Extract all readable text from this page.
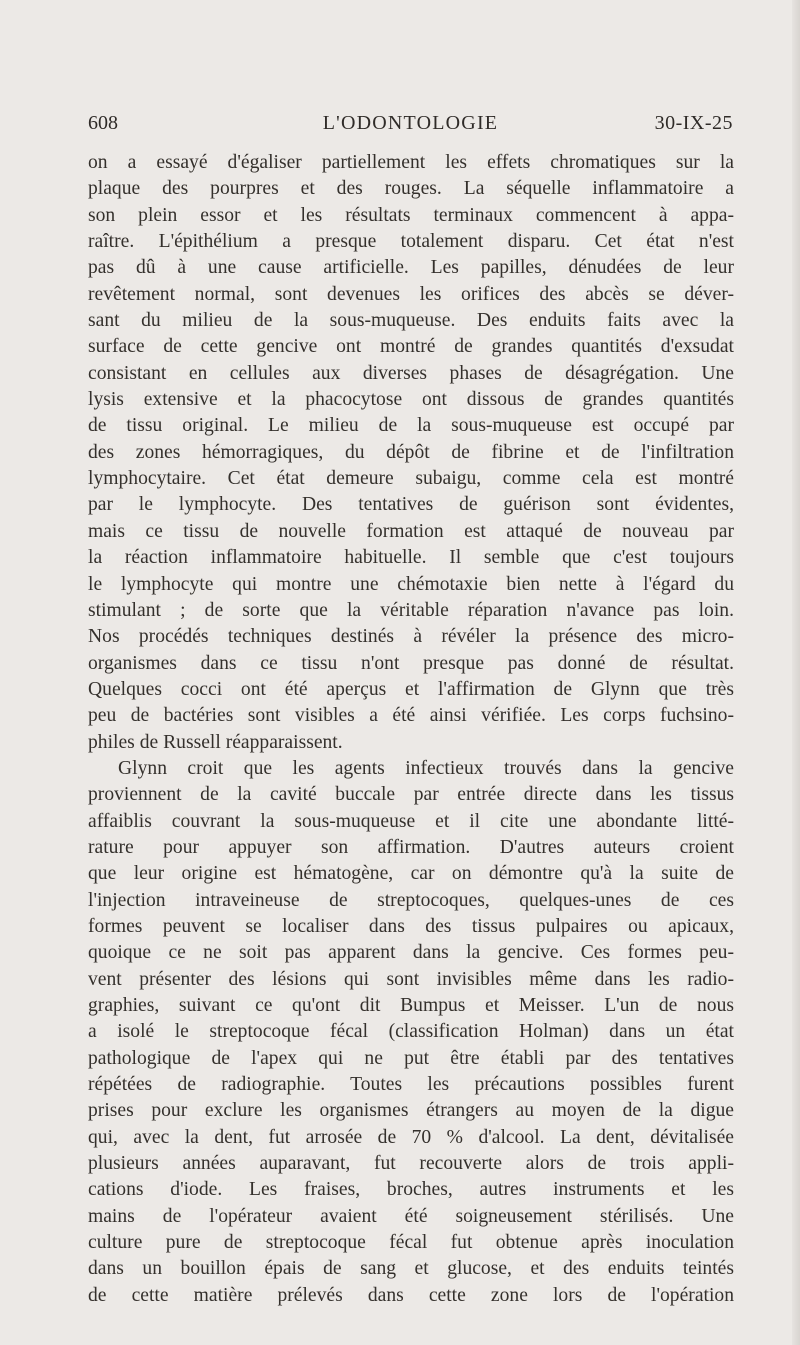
608	L'ODONTOLOGIE	30-IX-25
on a essayé d'égaliser partiellement les effets chromatiques sur la
plaque des pourpres et des rouges. La séquelle inflammatoire a
son plein essor et les résultats terminaux commencent à appa-
raître. L'épithélium a presque totalement disparu. Cet état n'est
pas dû à une cause artificielle. Les papilles, dénudées de leur
revêtement normal, sont devenues les orifices des abcès se déver-
sant du milieu de la sous-muqueuse. Des enduits faits avec la
surface de cette gencive ont montré de grandes quantités d'exsudat
consistant en cellules aux diverses phases de désagrégation. Une
lysis extensive et la phacocytose ont dissous de grandes quantités
de tissu original. Le milieu de la sous-muqueuse est occupé par
des zones hémorragiques, du dépôt de fibrine et de l'infiltration
lymphocytaire. Cet état demeure subaigu, comme cela est montré
par le lymphocyte. Des tentatives de guérison sont évidentes,
mais ce tissu de nouvelle formation est attaqué de nouveau par
la réaction inflammatoire habituelle. Il semble que c'est toujours
le lymphocyte qui montre une chémotaxie bien nette à l'égard du
stimulant ; de sorte que la véritable réparation n'avance pas loin.
Nos procédés techniques destinés à révéler la présence des micro-
organismes dans ce tissu n'ont presque pas donné de résultat.
Quelques cocci ont été aperçus et l'affirmation de Glynn que très
peu de bactéries sont visibles a été ainsi vérifiée. Les corps fuchsino-
philes de Russell réapparaissent.
Glynn croit que les agents infectieux trouvés dans la gencive
proviennent de la cavité buccale par entrée directe dans les tissus
affaiblis couvrant la sous-muqueuse et il cite une abondante litté-
rature pour appuyer son affirmation. D'autres auteurs croient
que leur origine est hématogène, car on démontre qu'à la suite de
l'injection intraveineuse de streptocoques, quelques-unes de ces
formes peuvent se localiser dans des tissus pulpaires ou apicaux,
quoique ce ne soit pas apparent dans la gencive. Ces formes peu-
vent présenter des lésions qui sont invisibles même dans les radio-
graphies, suivant ce qu'ont dit Bumpus et Meisser. L'un de nous
a isolé le streptocoque fécal (classification Holman) dans un état
pathologique de l'apex qui ne put être établi par des tentatives
répétées de radiographie. Toutes les précautions possibles furent
prises pour exclure les organismes étrangers au moyen de la digue
qui, avec la dent, fut arrosée de 70 % d'alcool. La dent, dévitalisée
plusieurs années auparavant, fut recouverte alors de trois appli-
cations d'iode. Les fraises, broches, autres instruments et les
mains de l'opérateur avaient été soigneusement stérilisés. Une
culture pure de streptocoque fécal fut obtenue après inoculation
dans un bouillon épais de sang et glucose, et des enduits teintés
de cette matière prélevés dans cette zone lors de l'opération
